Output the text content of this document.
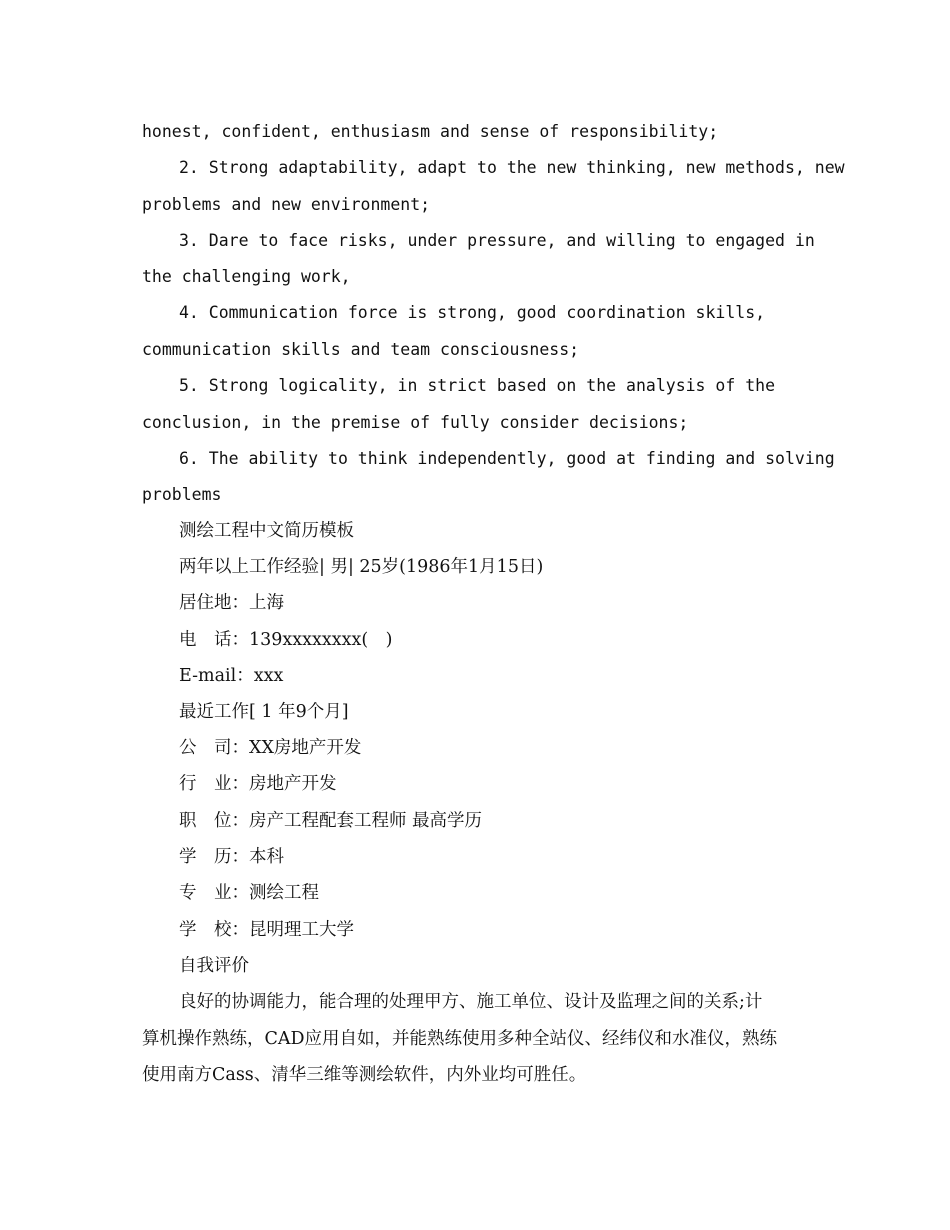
honest, confident, enthusiasm and sense of responsibility;
2. Strong adaptability, adapt to the new thinking, new methods, new
problems and new environment;
3. Dare to face risks, under pressure, and willing to engaged in
the challenging work,
4. Communication force is strong, good coordination skills,
communication skills and team consciousness;
5. Strong logicality, in strict based on the analysis of the
conclusion, in the premise of fully consider decisions;
6. The ability to think independently, good at finding and solving
problems
测绘工程中文简历模板
两年以上工作经验| 男| 25岁(1986年1月15日)
居住地：上海
电　话：139xxxxxxxx(　)
E-mail：xxx
最近工作[ 1 年9个月]
公　司：XX房地产开发
行　业：房地产开发
职　位：房产工程配套工程师 最高学历
学　历：本科
专　业：测绘工程
学　校：昆明理工大学
自我评价
良好的协调能力，能合理的处理甲方、施工单位、设计及监理之间的关系;计
算机操作熟练，CAD应用自如，并能熟练使用多种全站仪、经纬仪和水准仪，熟练
使用南方Cass、清华三维等测绘软件，内外业均可胜任。
